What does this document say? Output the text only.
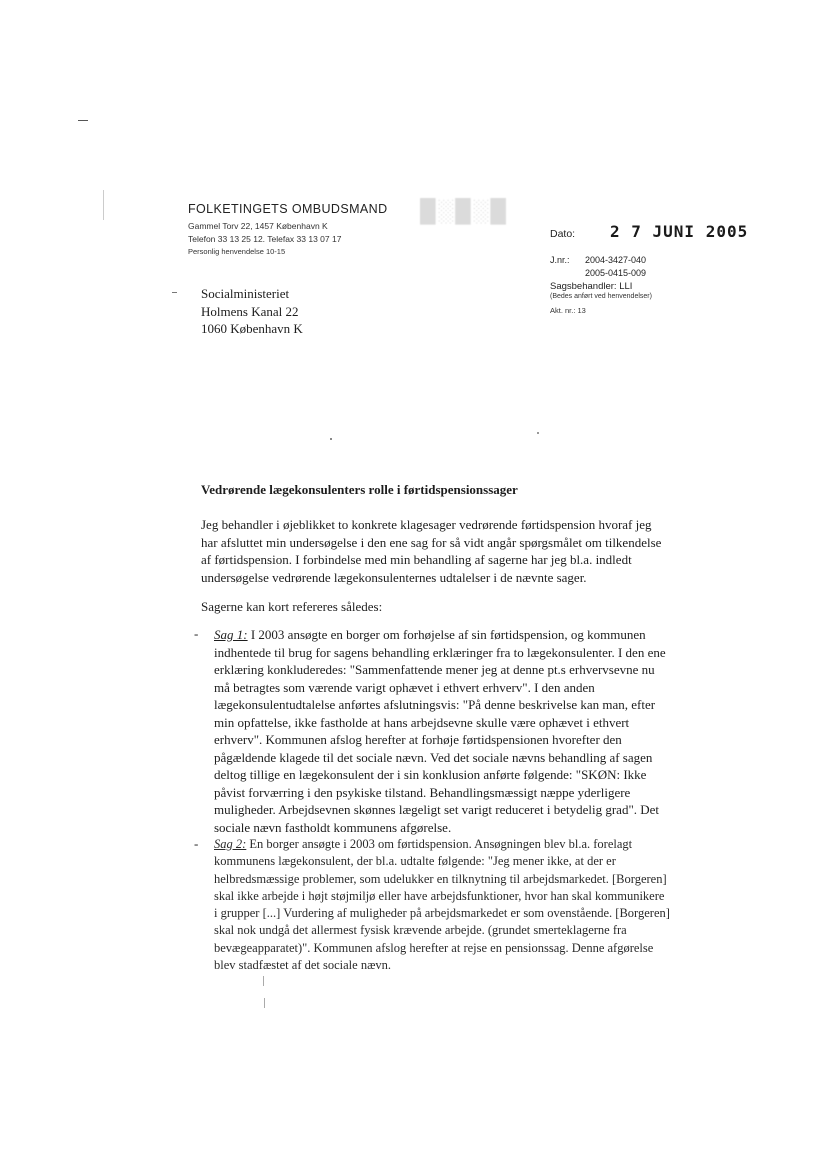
FOLKETINGETS OMBUDSMAND
Gammel Torv 22, 1457 København K
Telefon 33 13 25 12. Telefax 33 13 07 17
Personlig henvendelse 10-15
█░█░█
Dato: 2 7 JUNI 2005
J.nr.: 2004-3427-040
2005-0415-009
Sagsbehandler: LLI
(Bedes anført ved henvendelser)
Akt. nr.: 13
Socialministeriet
Holmens Kanal 22
1060 København K
Vedrørende lægekonsulenters rolle i førtidspensionssager

Jeg behandler i øjeblikket to konkrete klagesager vedrørende førtidspension hvoraf jeg har afsluttet min undersøgelse i den ene sag for så vidt angår spørgsmålet om tilkendelse af førtidspension. I forbindelse med min behandling af sagerne har jeg bl.a. indledt undersøgelse vedrørende lægekonsulenternes udtalelser i de nævnte sager.

Sagerne kan kort refereres således:

- Sag 1: I 2003 ansøgte en borger om forhøjelse af sin førtidspension, og kommunen indhentede til brug for sagens behandling erklæringer fra to lægekonsulenter. I den ene erklæring konkluderedes: "Sammenfattende mener jeg at denne pt.s erhvervsevne nu må betragtes som værende varigt ophævet i ethvert erhverv". I den anden lægekonsulentudtalelse anførtes afslutningsvis: "På denne beskrivelse kan man, efter min opfattelse, ikke fastholde at hans arbejdsevne skulle være ophævet i ethvert erhverv". Kommunen afslog herefter at forhøje førtidspensionen hvorefter den pågældende klagede til det sociale nævn. Ved det sociale nævns behandling af sagen deltog tillige en lægekonsulent der i sin konklusion anførte følgende: "SKØN: Ikke påvist forværring i den psykiske tilstand. Behandlingsmæssigt næppe yderligere muligheder. Arbejdsevnen skønnes lægeligt set varigt reduceret i betydelig grad". Det sociale nævn fastholdt kommunens afgørelse.

- Sag 2: En borger ansøgte i 2003 om førtidspension. Ansøgningen blev bl.a. forelagt kommunens lægekonsulent, der bl.a. udtalte følgende: "Jeg mener ikke, at der er helbredsmæssige problemer, som udelukker en tilknytning til arbejdsmarkedet. [Borgeren] skal ikke arbejde i højt støjmiljø eller have arbejdsfunktioner, hvor han skal kommunikere i grupper [...] Vurdering af muligheder på arbejdsmarkedet er som ovenstående. [Borgeren] skal nok undgå det allermest fysisk krævende arbejde. (grundet smerteklagerne fra bevægeapparatet)". Kommunen afslog herefter at rejse en pensionssag. Denne afgørelse blev stadfæstet af det sociale nævn.
